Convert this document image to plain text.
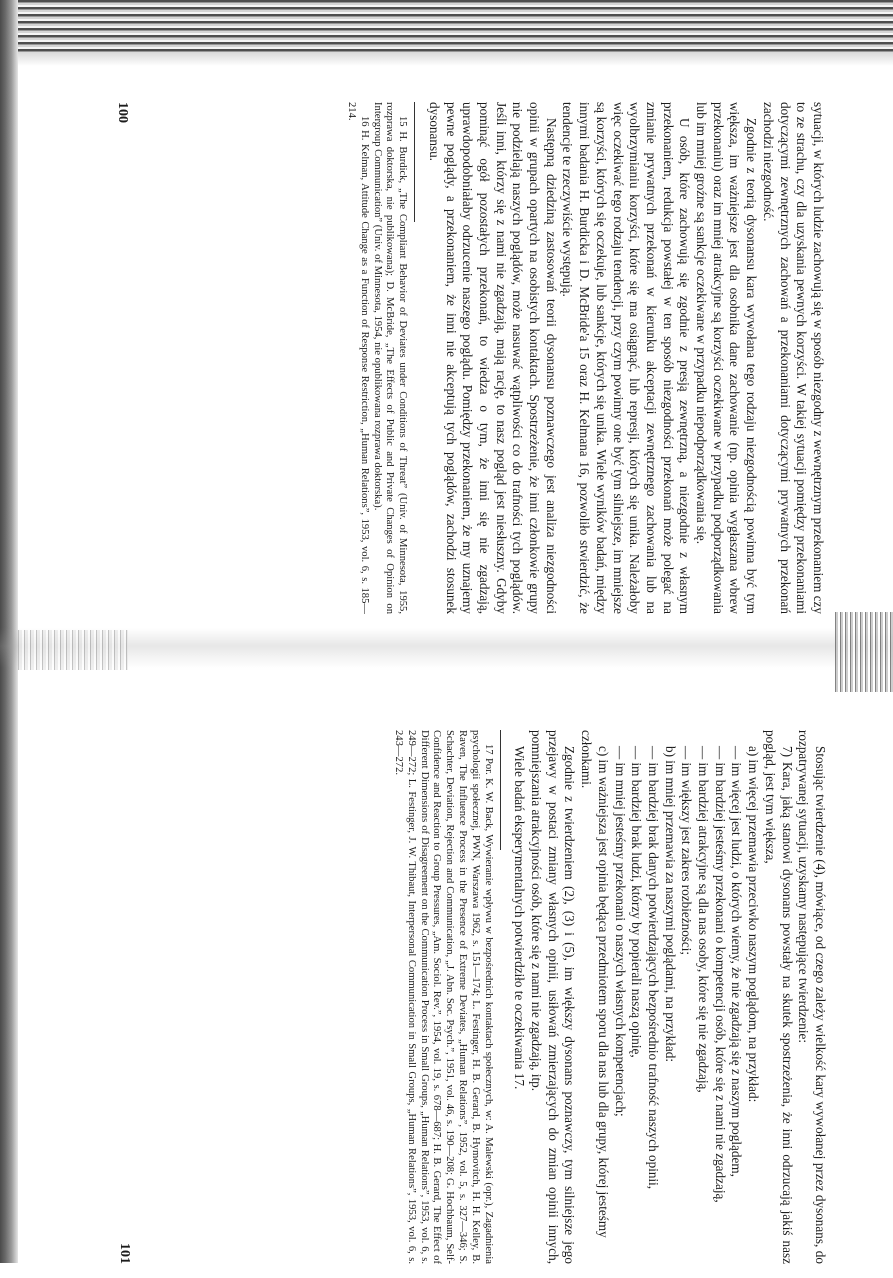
sytuacji, w których ludzie zachowują się w sposób niezgodny z wewnętrznym przekonaniem czy to ze strachu, czy dla uzyskania pewnych korzyści. W takiej sytuacji pomiędzy przekonaniami dotyczącymi zewnętrznych zachowań a przekonaniami dotyczącymi prywatnych przekonań zachodzi niezgodność.

Zgodnie z teorią dysonansu kara wywołana tego rodzaju niezgodnością powinna być tym większa, im ważniejsze jest dla osobnika dane zachowanie (np. opinia wygłaszana wbrew przekonaniu) oraz im mniej atrakcyjne są korzyści oczekiwane w przypadku podporządkowania lub im mniej groźne są sankcje oczekiwane w przypadku niepodporządkowania się.

U osób, które zachowują się zgodnie z presją zewnętrzną, a niezgodnie z własnym przekonaniem, redukcja powstałej w ten sposób niezgodności przekonań może polegać na zmianie prywatnych przekonań w kierunku akceptacji zewnętrznego zachowania lub na wyolbrzymianiu korzyści, które się ma osiągnąć, lub represji, których się unika. Należałoby więc oczekiwać tego rodzaju tendencji, przy czym powinny one być tym silniejsze, im mniejsze są korzyści, których się oczekuje, lub sankcje, których się unika. Wiele wyników badań, między innymi badania H. Burdicka i D. McBride'a 15 oraz H. Kelmana 16, pozwoliło stwierdzić, że tendencje te rzeczywiście występują.

Następną dziedziną zastosowań teorii dysonansu poznawczego jest analiza niezgodności opinii w grupach opartych na osobistych kontaktach. Spostrzeżenie, że inni członkowie grupy nie podzielają naszych poglądów, może nasuwać wątpliwości co do trafności tych poglądów. Jeśli inni, którzy się z nami nie zgadzają, mają rację, to nasz pogląd jest niesłuszny. Gdyby pominąć ogół pozostałych przekonań, to wiedza o tym, że inni się nie zgadzają, uprawdopodobniałaby odrzucenie naszego poglądu. Pomiędzy przekonaniem, że my uznajemy pewne poglądy, a przekonaniem, że inni nie akceptują tych poglądów, zachodzi stosunek dysonansu.

15 H. Burdick, „The Compliant Behavior of Deviates under Conditions of Threat” (Univ. of Minnesota, 1955, rozprawa doktorska, nie publikowana); D. McBride, „The Effects of Public and Private Changes of Opinion on Intergroup Communication” (Univ. of Minnesota, 1954, nie opublikowana rozprawa doktorska).

16 H. Kelman, Attitude Change as a Function of Response Restriction, „Human Relations”, 1953, vol. 6, s. 185—214.

100

Stosując twierdzenie (4), mówiące, od czego zależy wielkość kary wywołanej przez dysonans, do rozpatrywanej sytuacji, uzyskamy następujące twierdzenie:

7) Kara, jaką stanowi dysonans powstały na skutek spostrzeżenia, że inni odrzucają jakiś nasz pogląd, jest tym większa,

a) im więcej przemawia przeciwko naszym poglądom, na przykład:

— im więcej jest ludzi, o których wiemy, że nie zgadzają się z naszym poglądem,

— im bardziej jesteśmy przekonani o kompetencji osób, które się z nami nie zgadzają,

— im bardziej atrakcyjne są dla nas osoby, które się nie zgadzają,

— im większy jest zakres rozbieżności;

b) im mniej przemawia za naszymi poglądami, na przykład:

— im bardziej brak danych potwierdzających bezpośrednio trafność naszych opinii,

— im bardziej brak ludzi, którzy by popierali naszą opinię,

— im mniej jesteśmy przekonani o naszych własnych kompetencjach;

c) im ważniejsza jest opinia będąca przedmiotem sporu dla nas lub dla grupy, której jesteśmy członkami.

Zgodnie z twierdzeniem (2), (3) i (5), im większy dysonans poznawczy, tym silniejsze jego przejawy w postaci zmiany własnych opinii, usiłowań zmierzających do zmian opinii innych, pomniejszania atrakcyjności osób, które się z nami nie zgadzają, itp.

Wiele badań eksperymentalnych potwierdziło te oczekiwania 17.

17 Por. K. W. Back, Wywieranie wpływu w bezpośrednich kontaktach społecznych, w: A. Malewski (opr.), Zagadnienia psychologii społecznej, PWN, Warszawa 1962, s. 151—174; L. Festinger, H. B. Gerard, B. Hymovitch, H. H. Kelley, B. Raven, The Influence Process in the Presence of Extreme Deviates, „Human Relations”, 1952, vol. 5, s. 327—346; S. Schachter, Deviation, Rejection and Communication, „J. Abn. Soc. Psych.”, 1951, vol. 46, s. 190—208; G. Hochbaum, Self-Confidence and Reaction to Group Pressures, „Am. Sociol. Rev.”, 1954, vol. 19, s. 678—687; H. B. Gerard, The Effect of Different Dimensions of Disagreement on the Communication Process in Small Groups, „Human Relations”, 1953, vol. 6, s. 249—272; L. Festinger, J. W. Thibaut, Interpersonal Communication in Small Groups, „Human Relations”, 1953, vol. 6, s. 243—272.

101
